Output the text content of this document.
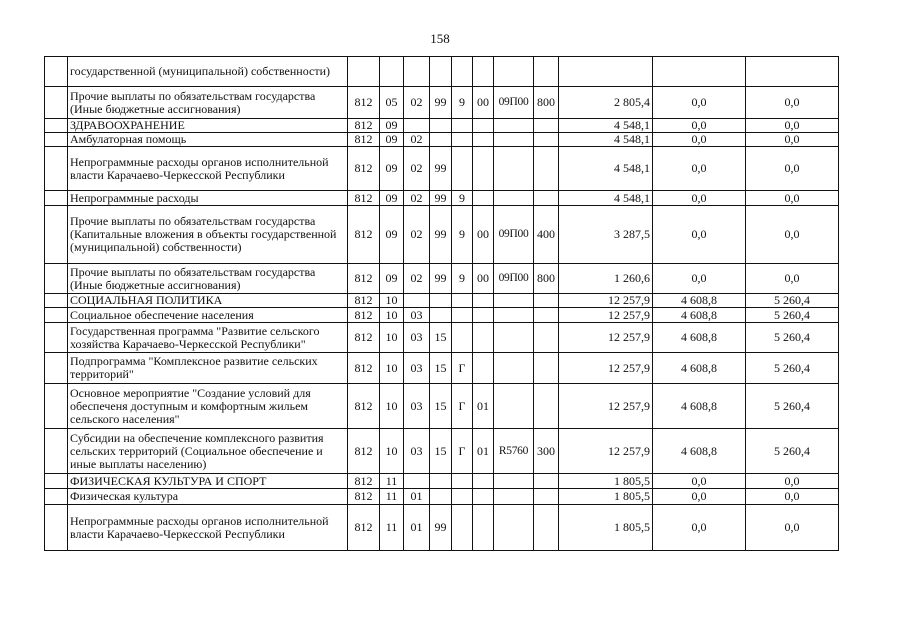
158
	государственной (муниципальной) собственности)											
	Прочие выплаты по обязательствам государства (Иные бюджетные ассигнования)	812	05	02	99	9	00	09П00	800	2 805,4	0,0	0,0
	ЗДРАВООХРАНЕНИЕ	812	09							4 548,1	0,0	0,0
	Амбулаторная помощь	812	09	02						4 548,1	0,0	0,0
	Непрограммные расходы органов исполнительной власти Карачаево-Черкесской Республики	812	09	02	99					4 548,1	0,0	0,0
	Непрограммные расходы	812	09	02	99	9				4 548,1	0,0	0,0
	Прочие выплаты по обязательствам государства (Капитальные вложения в объекты государственной (муниципальной) собственности)	812	09	02	99	9	00	09П00	400	3 287,5	0,0	0,0
	Прочие выплаты по обязательствам государства (Иные бюджетные ассигнования)	812	09	02	99	9	00	09П00	800	1 260,6	0,0	0,0
	СОЦИАЛЬНАЯ ПОЛИТИКА	812	10							12 257,9	4 608,8	5 260,4
	Социальное обеспечение населения	812	10	03						12 257,9	4 608,8	5 260,4
	Государственная программа "Развитие сельского хозяйства Карачаево-Черкесской Республики"	812	10	03	15					12 257,9	4 608,8	5 260,4
	Подпрограмма "Комплексное развитие сельских территорий"	812	10	03	15	Г				12 257,9	4 608,8	5 260,4
	Основное мероприятие "Создание условий для обеспеченя доступным и комфортным жильем сельского населения"	812	10	03	15	Г	01			12 257,9	4 608,8	5 260,4
	Субсидии на обеспечение комплексного развития сельских территорий (Социальное обеспечение и иные выплаты населению)	812	10	03	15	Г	01	R5760	300	12 257,9	4 608,8	5 260,4
	ФИЗИЧЕСКАЯ КУЛЬТУРА И СПОРТ	812	11							1 805,5	0,0	0,0
	Физическая культура	812	11	01						1 805,5	0,0	0,0
	Непрограммные расходы органов исполнительной власти Карачаево-Черкесской Республики	812	11	01	99					1 805,5	0,0	0,0
